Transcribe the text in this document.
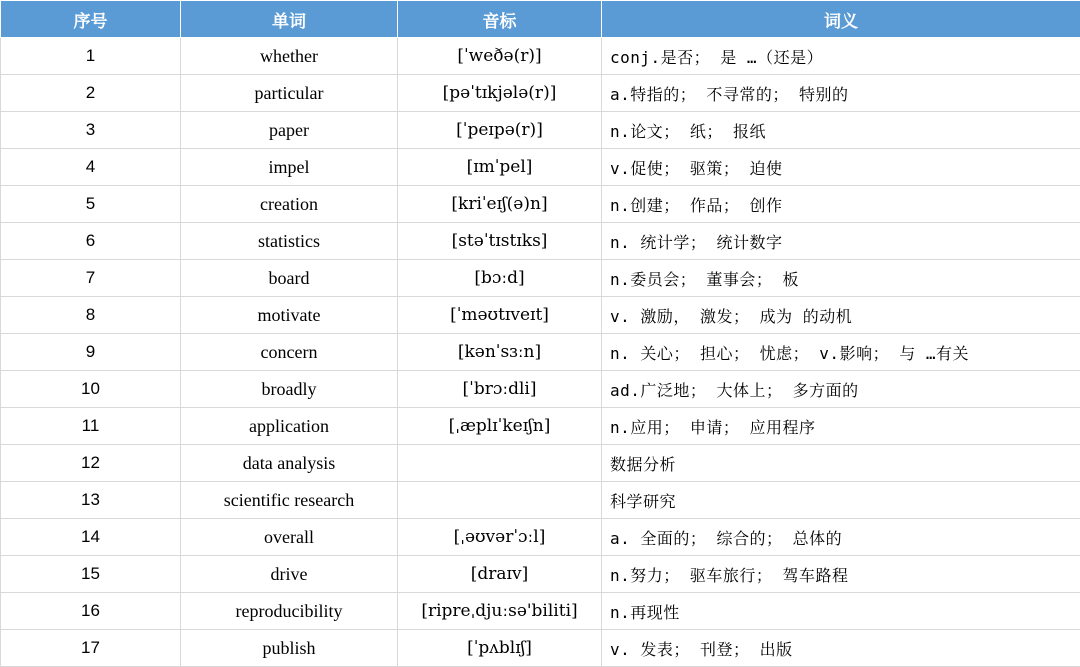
序号	单词	音标	词义
1	whether	[ˈweðə(r)]	conj.是否； 是 …（还是）
2	particular	[pəˈtɪkjələ(r)]	a.特指的； 不寻常的； 特别的
3	paper	[ˈpeɪpə(r)]	n.论文； 纸； 报纸
4	impel	[ɪmˈpel]	v.促使； 驱策； 迫使
5	creation	[kriˈeɪʃ(ə)n]	n.创建； 作品； 创作
6	statistics	[stəˈtɪstɪks]	n. 统计学； 统计数字
7	board	[bɔːd]	n.委员会； 董事会； 板
8	motivate	[ˈməʊtɪveɪt]	v. 激励， 激发； 成为 的动机
9	concern	[kənˈsɜːn]	n. 关心； 担心； 忧虑； v.影响； 与 …有关
10	broadly	[ˈbrɔːdli]	ad.广泛地； 大体上； 多方面的
11	application	[ˌæplɪˈkeɪʃn]	n.应用； 申请； 应用程序
12	data analysis		数据分析
13	scientific research		科学研究
14	overall	[ˌəʊvərˈɔːl]	a. 全面的； 综合的； 总体的
15	drive	[draɪv]	n.努力； 驱车旅行； 驾车路程
16	reproducibility	[ripreˌdjuːsə'biliti]	n.再现性
17	publish	[ˈpʌblɪʃ]	v. 发表； 刊登； 出版
